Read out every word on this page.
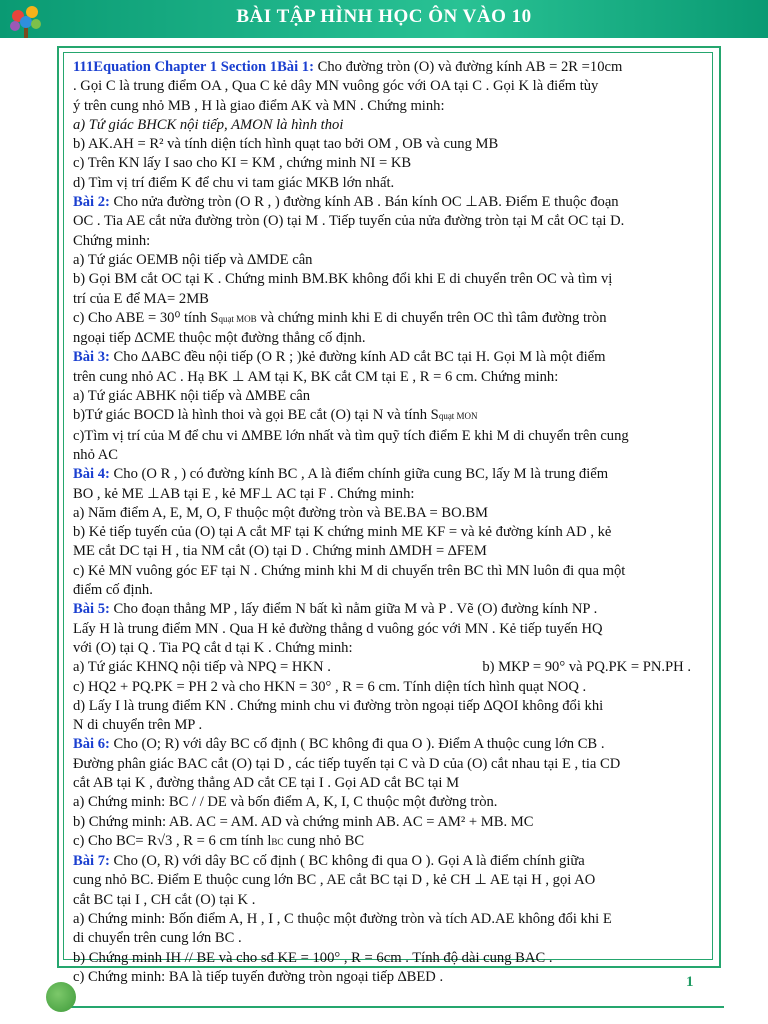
BÀI TẬP HÌNH HỌC ÔN VÀO 10

111Equation Chapter 1 Section 1Bài 1: Cho đường tròn (O) và đường kính AB = 2R =10cm

. Gọi C là trung điểm OA , Qua C kẻ dây MN vuông góc với OA tại C . Gọi K là điểm tùy

ý trên cung nhỏ MB , H là giao điểm AK và MN . Chứng minh:

a) Tứ giác BHCK nội tiếp, AMON là hình thoi

b) AK.AH = R² và tính diện tích hình quạt tao bởi OM , OB và cung MB

c) Trên KN lấy I sao cho KI = KM , chứng minh NI = KB

d) Tìm vị trí điểm K để chu vi tam giác MKB lớn nhất.

Bài 2: Cho nửa đường tròn (O R , ) đường kính AB . Bán kính OC ⊥AB. Điểm E thuộc đoạn

OC . Tia AE cắt nửa đường tròn (O) tại M . Tiếp tuyến của nửa đường tròn tại M cắt OC tại D.

Chứng minh:

a) Tứ giác OEMB nội tiếp và ∆MDE cân

b) Gọi BM cắt OC tại K . Chứng minh BM.BK không đổi khi E di chuyển trên OC và tìm vị

trí của E để MA= 2MB

c) Cho ABE = 30⁰ tính Squạt MOB và chứng minh khi E di chuyển trên OC thì tâm đường tròn

ngoại tiếp ∆CME thuộc một đường thẳng cố định.

Bài 3: Cho ∆ABC đều nội tiếp (O R ; )kẻ đường kính AD cắt BC tại H. Gọi M là một điểm

trên cung nhỏ AC . Hạ BK ⊥ AM tại K, BK cắt CM tại E , R = 6 cm. Chứng minh:

a) Tứ giác ABHK nội tiếp và ∆MBE cân

b)Tứ giác BOCD là hình thoi và gọi BE cắt (O) tại N và tính Squạt MON

c)Tìm vị trí của M để chu vi ∆MBE lớn nhất và tìm quỹ tích điểm E khi M di chuyển trên cung

nhỏ AC

Bài 4: Cho (O R , ) có đường kính BC , A là điểm chính giữa cung BC, lấy M là trung điểm

BO , kẻ ME ⊥AB tại E , kẻ MF⊥ AC tại F . Chứng minh:

a) Năm điểm A, E, M, O, F thuộc một đường tròn và BE.BA = BO.BM

b) Kẻ tiếp tuyến của (O) tại A cắt MF tại K chứng minh ME KF = và kẻ đường kính AD , kẻ

ME cắt DC tại H , tia NM cắt (O) tại D . Chứng minh ∆MDH = ∆FEM

c) Kẻ MN vuông góc EF tại N . Chứng minh khi M di chuyển trên BC thì MN luôn đi qua một

điểm cố định.

Bài 5: Cho đoạn thẳng MP , lấy điểm N bất kì nằm giữa M và P . Vẽ (O) đường kính NP .

Lấy H là trung điểm MN . Qua H kẻ đường thẳng d vuông góc với MN . Kẻ tiếp tuyến HQ

với (O) tại Q . Tia PQ cắt d tại K . Chứng minh:

a) Tứ giác KHNQ nội tiếp và NPQ = HKN .	b) MKP = 90° và PQ.PK = PN.PH .

c) HQ2 + PQ.PK = PH 2 và cho HKN = 30° , R = 6 cm. Tính diện tích hình quạt NOQ .

d) Lấy I là trung điểm KN . Chứng minh chu vi đường tròn ngoại tiếp ∆QOI không đổi khi

N di chuyển trên MP .

Bài 6: Cho (O; R) với dây BC cố định ( BC không đi qua O ). Điểm A thuộc cung lớn CB .

Đường phân giác BAC cắt (O) tại D , các tiếp tuyến tại C và D của (O) cắt nhau tại E , tia CD

cắt AB tại K , đường thẳng AD cắt CE tại I . Gọi AD cắt BC tại M

a) Chứng minh: BC / / DE và bốn điểm A, K, I, C thuộc một đường tròn.

b) Chứng minh: AB. AC = AM. AD và chứng minh AB. AC = AM² + MB. MC

c) Cho BC= R√3 , R = 6 cm tính lBC cung nhỏ BC

Bài 7: Cho (O, R) với dây BC cố định ( BC không đi qua O ). Gọi A là điểm chính giữa

cung nhỏ BC. Điểm E thuộc cung lớn BC , AE cắt BC tại D , kẻ CH ⊥ AE tại H , gọi AO

cắt BC tại I , CH cắt (O) tại K .

a) Chứng minh: Bốn điểm A, H , I , C thuộc một đường tròn và tích AD.AE không đổi khi E

di chuyển trên cung lớn BC .

b) Chứng minh IH // BE và cho sđ KE = 100° , R = 6cm . Tính độ dài cung BAC .

c) Chứng minh: BA là tiếp tuyến đường tròn ngoại tiếp ∆BED .	1
